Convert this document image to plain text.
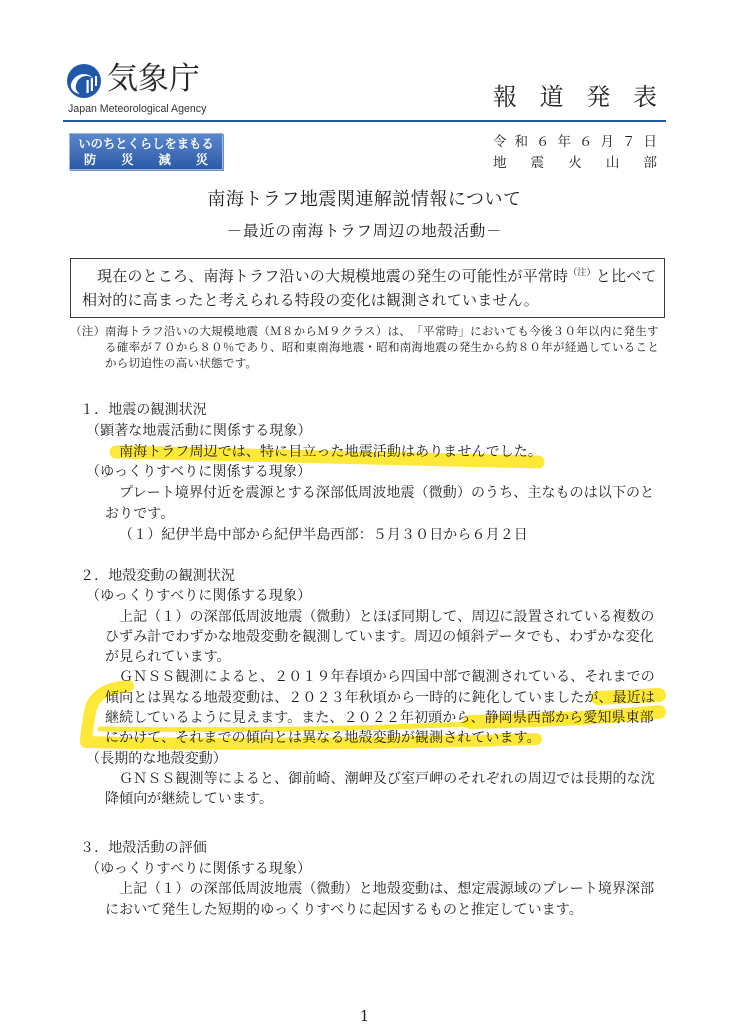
気象庁
Japan Meteorological Agency	報 道 発 表
いのちとくらしをまもる
防 災 減 災
令 和 ６ 年 ６ 月 ７ 日
地 震 火 山 部
南海トラフ地震関連解説情報について
－最近の南海トラフ周辺の地殻活動－
現在のところ、南海トラフ沿いの大規模地震の発生の可能性が平常時$^{(注)}$と比べて相対的に高まったと考えられる特段の変化は観測されていません。
（注） 南海トラフ沿いの大規模地震（Ｍ８からＭ９クラス）は、「平常時」においても今後３０年以内に発生する確率が７０から８０％であり、昭和東南海地震・昭和南海地震の発生から約８０年が経過していることから切迫性の高い状態です。
１．地震の観測状況
（顕著な地震活動に関係する現象）
南海トラフ周辺では、特に目立った地震活動はありませんでした。
（ゆっくりすべりに関係する現象）
プレート境界付近を震源とする深部低周波地震（微動）のうち、主なものは以下のとおりです。
（１）紀伊半島中部から紀伊半島西部：５月３０日から６月２日
２．地殻変動の観測状況
（ゆっくりすべりに関係する現象）
上記（１）の深部低周波地震（微動）とほぼ同期して、周辺に設置されている複数のひずみ計でわずかな地殻変動を観測しています。周辺の傾斜データでも、わずかな変化が見られています。
ＧＮＳＳ観測によると、２０１９年春頃から四国中部で観測されている、それまでの傾向とは異なる地殻変動は、２０２３年秋頃から一時的に鈍化していましたが、最近は継続しているように見えます。また、２０２２年初頭から、静岡県西部から愛知県東部にかけて、それまでの傾向とは異なる地殻変動が観測されています。
（長期的な地殻変動）
ＧＮＳＳ観測等によると、御前崎、潮岬及び室戸岬のそれぞれの周辺では長期的な沈降傾向が継続しています。
３．地殻活動の評価
（ゆっくりすべりに関係する現象）
上記（１）の深部低周波地震（微動）と地殻変動は、想定震源域のプレート境界深部において発生した短期的ゆっくりすべりに起因するものと推定しています。
1
